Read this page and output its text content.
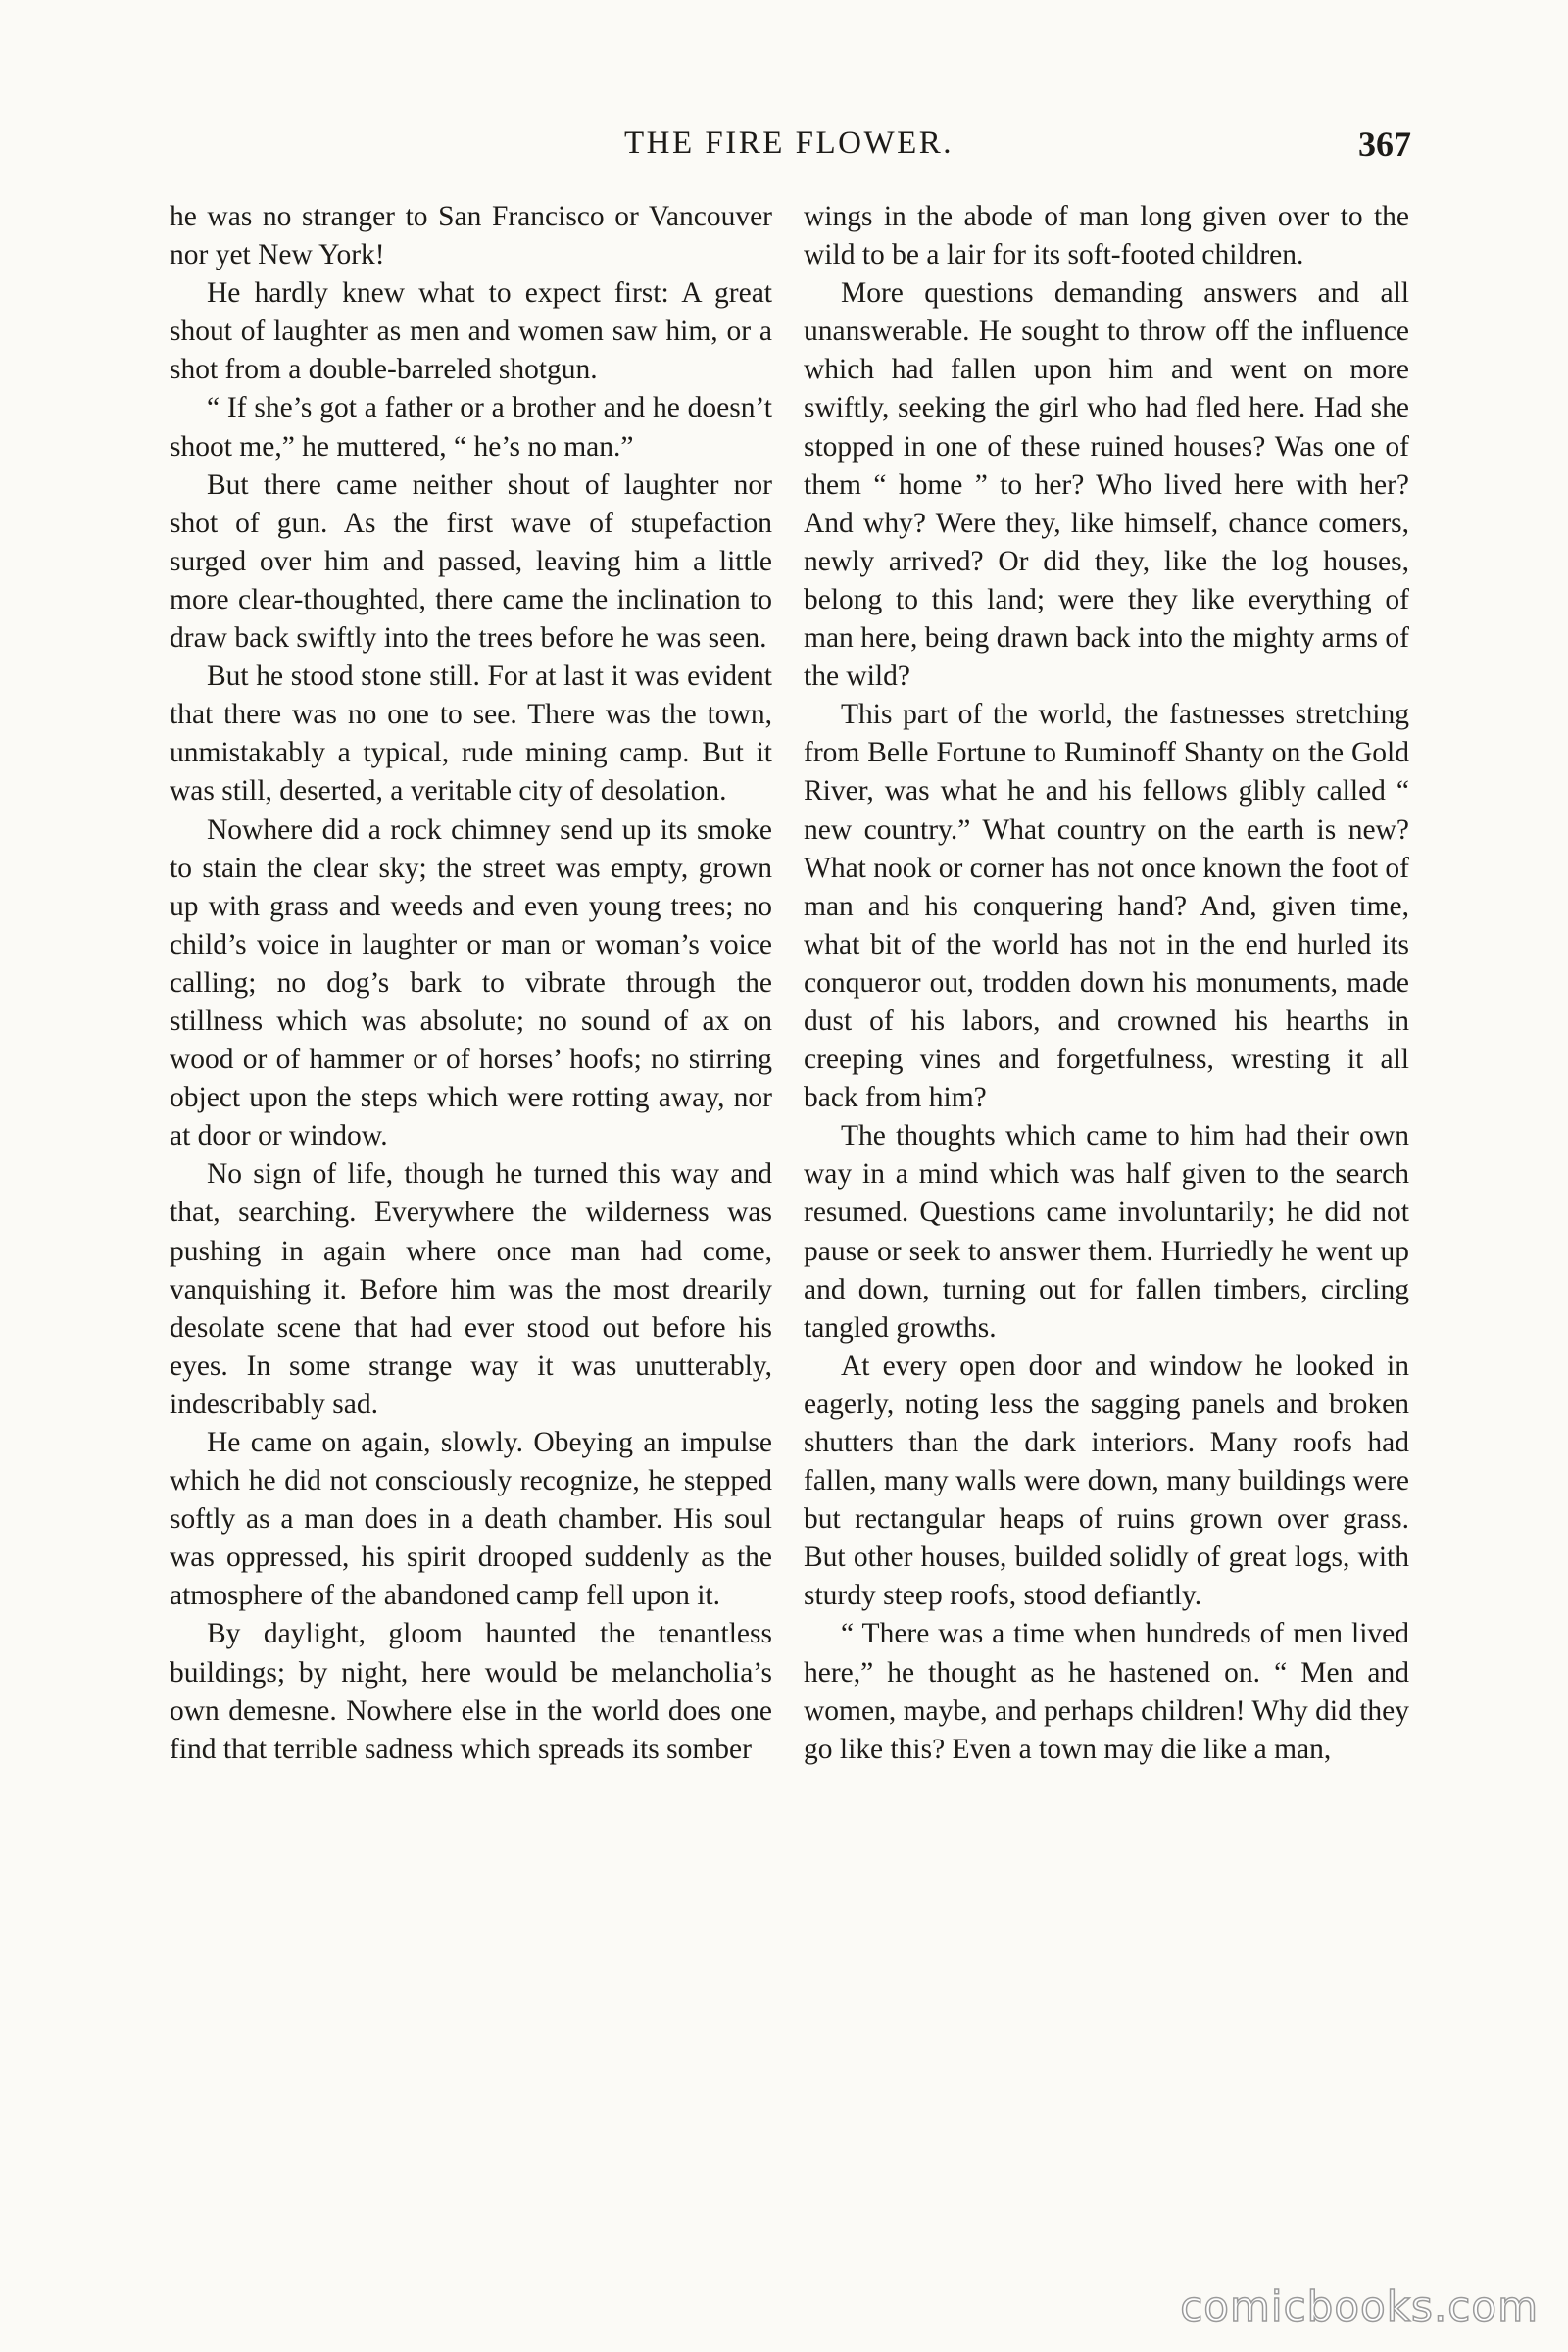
THE FIRE FLOWER.	367

he was no stranger to San Francisco or Vancouver nor yet New York!

He hardly knew what to expect first: A great shout of laughter as men and women saw him, or a shot from a double-barreled shotgun.

“ If she’s got a father or a brother and he doesn’t shoot me,” he muttered, “ he’s no man.”

But there came neither shout of laughter nor shot of gun. As the first wave of stupefaction surged over him and passed, leaving him a little more clear-thoughted, there came the inclination to draw back swiftly into the trees before he was seen.

But he stood stone still. For at last it was evident that there was no one to see. There was the town, unmistakably a typical, rude mining camp. But it was still, deserted, a veritable city of desolation.

Nowhere did a rock chimney send up its smoke to stain the clear sky; the street was empty, grown up with grass and weeds and even young trees; no child’s voice in laughter or man or woman’s voice calling; no dog’s bark to vibrate through the stillness which was absolute; no sound of ax on wood or of hammer or of horses’ hoofs; no stirring object upon the steps which were rotting away, nor at door or window.

No sign of life, though he turned this way and that, searching. Everywhere the wilderness was pushing in again where once man had come, vanquishing it. Before him was the most drearily desolate scene that had ever stood out before his eyes. In some strange way it was unutterably, indescribably sad.

He came on again, slowly. Obeying an impulse which he did not consciously recognize, he stepped softly as a man does in a death chamber. His soul was oppressed, his spirit drooped suddenly as the atmosphere of the abandoned camp fell upon it.

By daylight, gloom haunted the tenantless buildings; by night, here would be melancholia’s own demesne. Nowhere else in the world does one find that terrible sadness which spreads its somber

wings in the abode of man long given over to the wild to be a lair for its soft-footed children.

More questions demanding answers and all unanswerable. He sought to throw off the influence which had fallen upon him and went on more swiftly, seeking the girl who had fled here. Had she stopped in one of these ruined houses? Was one of them “ home ” to her? Who lived here with her? And why? Were they, like himself, chance comers, newly arrived? Or did they, like the log houses, belong to this land; were they like everything of man here, being drawn back into the mighty arms of the wild?

This part of the world, the fastnesses stretching from Belle Fortune to Ruminoff Shanty on the Gold River, was what he and his fellows glibly called “ new country.” What country on the earth is new? What nook or corner has not once known the foot of man and his conquering hand? And, given time, what bit of the world has not in the end hurled its conqueror out, trodden down his monuments, made dust of his labors, and crowned his hearths in creeping vines and forgetfulness, wresting it all back from him?

The thoughts which came to him had their own way in a mind which was half given to the search resumed. Questions came involuntarily; he did not pause or seek to answer them. Hurriedly he went up and down, turning out for fallen timbers, circling tangled growths.

At every open door and window he looked in eagerly, noting less the sagging panels and broken shutters than the dark interiors. Many roofs had fallen, many walls were down, many buildings were but rectangular heaps of ruins grown over grass. But other houses, builded solidly of great logs, with sturdy steep roofs, stood defiantly.

“ There was a time when hundreds of men lived here,” he thought as he hastened on. “ Men and women, maybe, and perhaps children! Why did they go like this? Even a town may die like a man,

comicbooks.com
